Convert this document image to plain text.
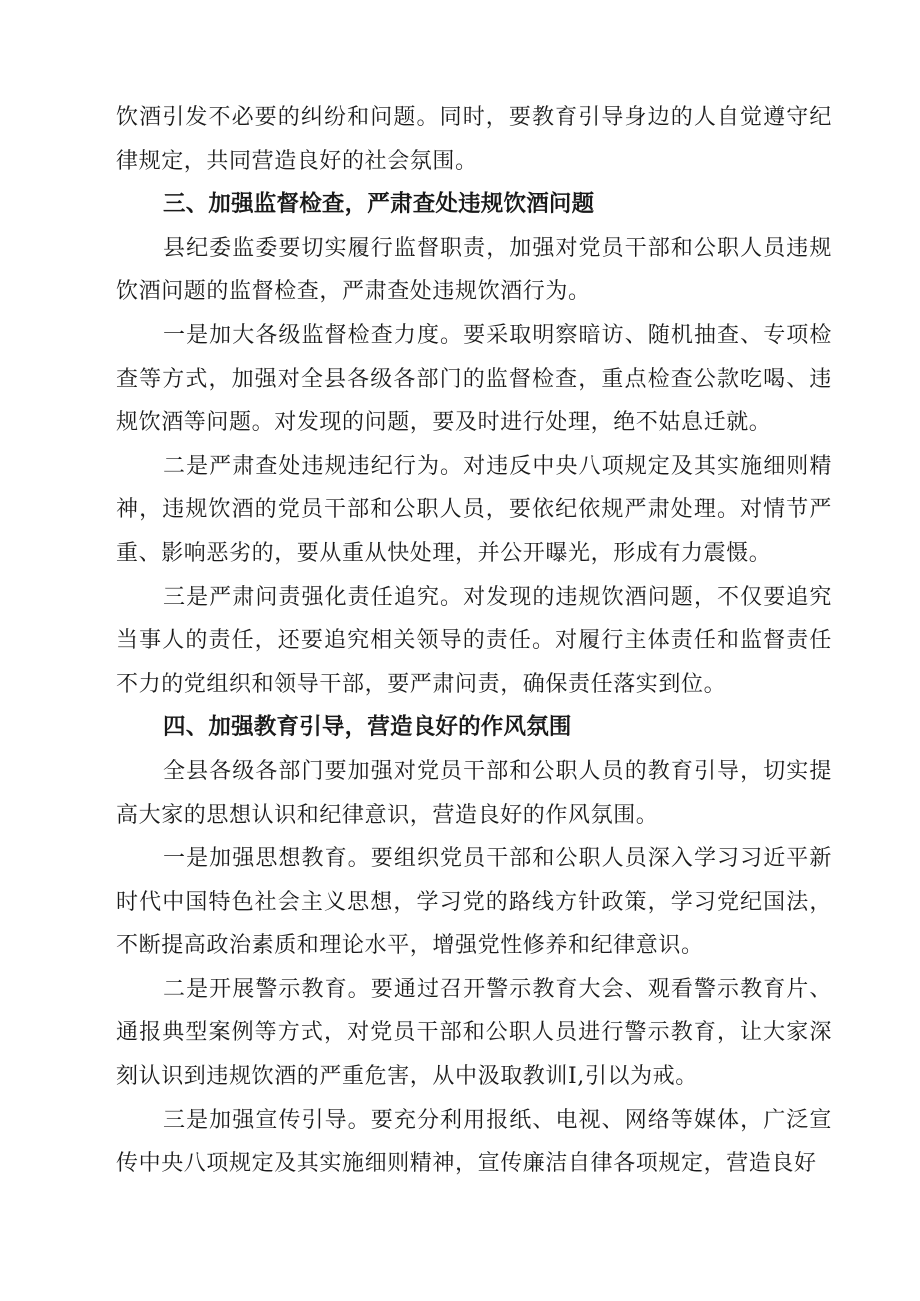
饮酒引发不必要的纠纷和问题。同时，要教育引导身边的人自觉遵守纪律规定，共同营造良好的社会氛围。

三、加强监督检查，严肃查处违规饮酒问题

县纪委监委要切实履行监督职责，加强对党员干部和公职人员违规饮酒问题的监督检查，严肃查处违规饮酒行为。

一是加大各级监督检查力度。要采取明察暗访、随机抽查、专项检查等方式，加强对全县各级各部门的监督检查，重点检查公款吃喝、违规饮酒等问题。对发现的问题，要及时进行处理，绝不姑息迁就。

二是严肃查处违规违纪行为。对违反中央八项规定及其实施细则精神，违规饮酒的党员干部和公职人员，要依纪依规严肃处理。对情节严重、影响恶劣的，要从重从快处理，并公开曝光，形成有力震慑。

三是严肃问责强化责任追究。对发现的违规饮酒问题，不仅要追究当事人的责任，还要追究相关领导的责任。对履行主体责任和监督责任不力的党组织和领导干部，要严肃问责，确保责任落实到位。

四、加强教育引导，营造良好的作风氛围

全县各级各部门要加强对党员干部和公职人员的教育引导，切实提高大家的思想认识和纪律意识，营造良好的作风氛围。

一是加强思想教育。要组织党员干部和公职人员深入学习习近平新时代中国特色社会主义思想，学习党的路线方针政策，学习党纪国法，不断提高政治素质和理论水平，增强党性修养和纪律意识。

二是开展警示教育。要通过召开警示教育大会、观看警示教育片、通报典型案例等方式，对党员干部和公职人员进行警示教育，让大家深刻认识到违规饮酒的严重危害，从中汲取教训I,引以为戒。

三是加强宣传引导。要充分利用报纸、电视、网络等媒体，广泛宣传中央八项规定及其实施细则精神，宣传廉洁自律各项规定，营造良好
